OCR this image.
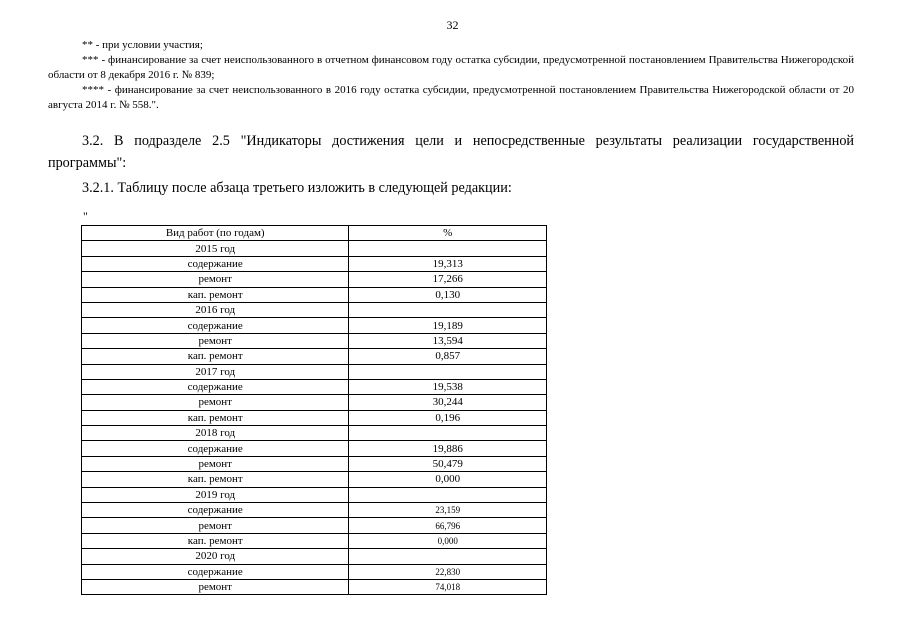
32

** - при условии участия;

*** - финансирование за счет неиспользованного в отчетном финансовом году остатка субсидии, предусмотренной постановлением Правительства Нижегородской области от 8 декабря 2016 г. № 839;

**** - финансирование за счет неиспользованного в 2016 году остатка субсидии, предусмотренной постановлением Правительства Нижегородской области от 20 августа 2014 г. № 558.".

3.2. В подразделе 2.5 "Индикаторы достижения цели и непосредственные результаты реализации государственной программы":

3.2.1. Таблицу после абзаца третьего изложить в следующей редакции:

"
Вид работ (по годам)	%
2015 год	
содержание	19,313
ремонт	17,266
кап. ремонт	0,130
2016 год	
содержание	19,189
ремонт	13,594
кап. ремонт	0,857
2017 год	
содержание	19,538
ремонт	30,244
кап. ремонт	0,196
2018 год	
содержание	19,886
ремонт	50,479
кап. ремонт	0,000
2019 год	
содержание	23,159
ремонт	66,796
кап. ремонт	0,000
2020 год	
содержание	22,830
ремонт	74,018
